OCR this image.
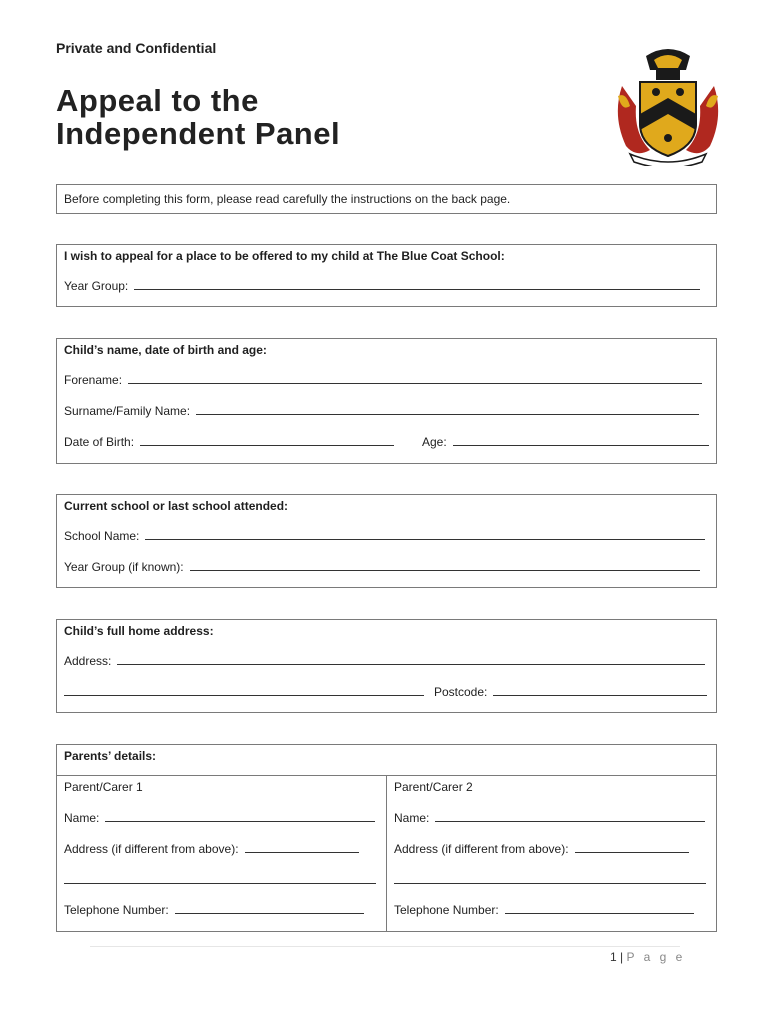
Private and Confidential
Appeal to the
Independent Panel
Before completing this form, please read carefully the instructions on the back page.
I wish to appeal for a place to be offered to my child at The Blue Coat School:
Year Group:
Child’s name, date of birth and age:
Forename:
Surname/Family Name:
Date of Birth:	Age:
Current school or last school attended:
School Name:
Year Group (if known):
Child’s full home address:
Address:
Postcode:
Parents’ details:
Parent/Carer 1
Name:
Address (if different from above):
Telephone Number:
Parent/Carer 2
Name:
Address (if different from above):
Telephone Number:
1 | P a g e
